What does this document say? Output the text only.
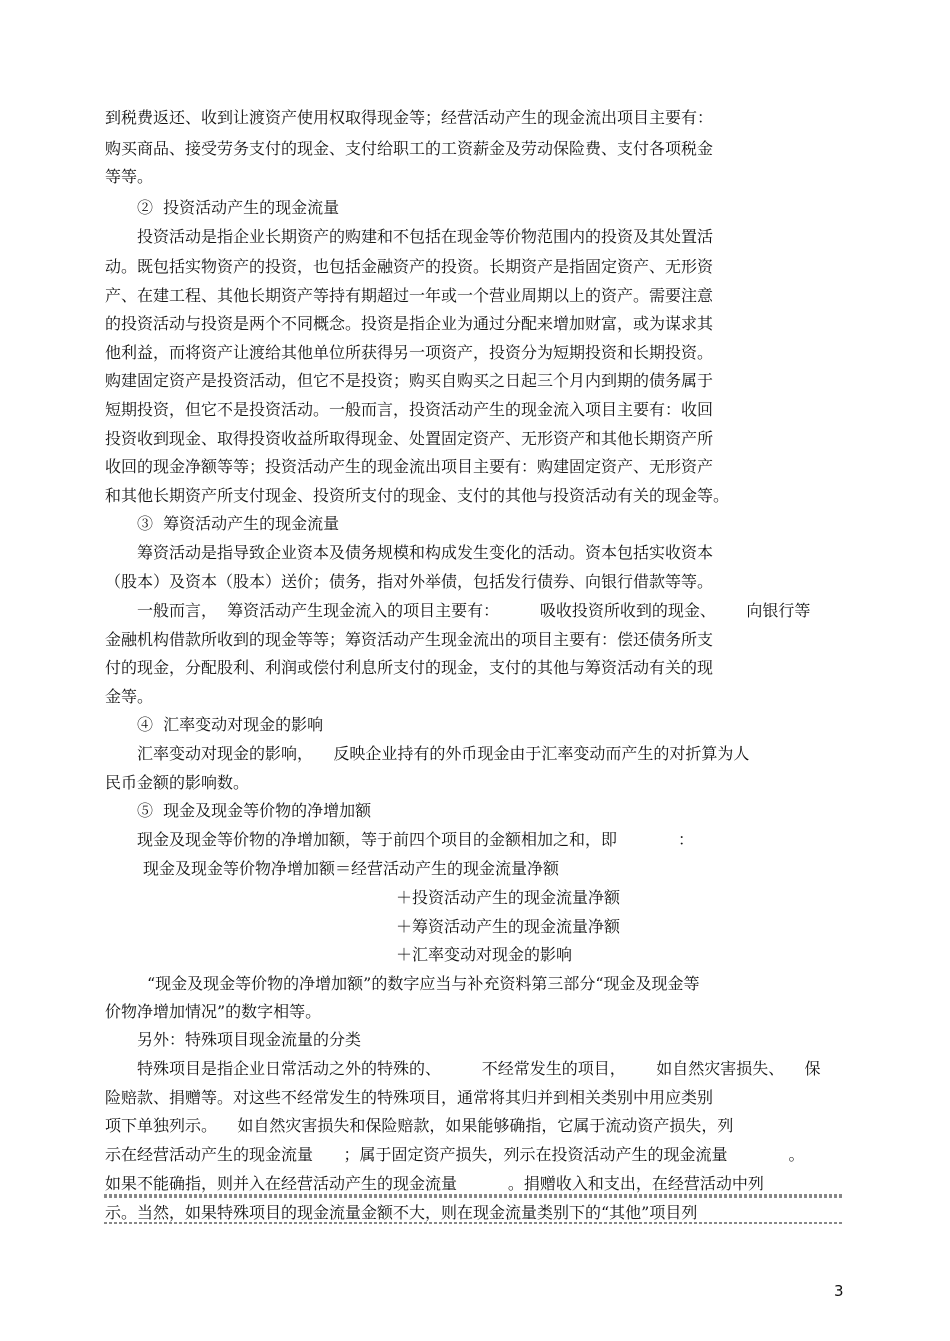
到税费返还、收到让渡资产使用权取得现金等；经营活动产生的现金流出项目主要有：
购买商品、接受劳务支付的现金、支付给职工的工资薪金及劳动保险费、支付各项税金
等等。
②  投资活动产生的现金流量
投资活动是指企业长期资产的购建和不包括在现金等价物范围内的投资及其处置活
动。既包括实物资产的投资，也包括金融资产的投资。长期资产是指固定资产、无形资
产、在建工程、其他长期资产等持有期超过一年或一个营业周期以上的资产。需要注意
的投资活动与投资是两个不同概念。投资是指企业为通过分配来增加财富，或为谋求其
他利益，而将资产让渡给其他单位所获得另一项资产，投资分为短期投资和长期投资。
购建固定资产是投资活动，但它不是投资；购买自购买之日起三个月内到期的债务属于
短期投资，但它不是投资活动。一般而言，投资活动产生的现金流入项目主要有：收回
投资收到现金、取得投资收益所取得现金、处置固定资产、无形资产和其他长期资产所
收回的现金净额等等；投资活动产生的现金流出项目主要有：购建固定资产、无形资产
和其他长期资产所支付现金、投资所支付的现金、支付的其他与投资活动有关的现金等。
③  筹资活动产生的现金流量
筹资活动是指导致企业资本及债务规模和构成发生变化的活动。资本包括实收资本
（股本）及资本（股本）送价；债务，指对外举债，包括发行债券、向银行借款等等。
一般而言，  筹资活动产生现金流入的项目主要有：        吸收投资所收到的现金、      向银行等
金融机构借款所收到的现金等等；筹资活动产生现金流出的项目主要有：偿还债务所支
付的现金，分配股利、利润或偿付利息所支付的现金，支付的其他与筹资活动有关的现
金等。
④  汇率变动对现金的影响
汇率变动对现金的影响，    反映企业持有的外币现金由于汇率变动而产生的对折算为人
民币金额的影响数。
⑤  现金及现金等价物的净增加额
现金及现金等价物的净增加额，等于前四个项目的金额相加之和，即            ：
现金及现金等价物净增加额＝经营活动产生的现金流量净额
＋投资活动产生的现金流量净额
＋筹资活动产生的现金流量净额
＋汇率变动对现金的影响
“现金及现金等价物的净增加额”的数字应当与补充资料第三部分“现金及现金等
价物净增加情况”的数字相等。
另外：特殊项目现金流量的分类
特殊项目是指企业日常活动之外的特殊的、        不经常发生的项目，      如自然灾害损失、    保
险赔款、捐赠等。对这些不经常发生的特殊项目，通常将其归并到相关类别中用应类别
项下单独列示。    如自然灾害损失和保险赔款，如果能够确指，它属于流动资产损失，列
示在经营活动产生的现金流量      ；属于固定资产损失，列示在投资活动产生的现金流量            。
如果不能确指，则并入在经营活动产生的现金流量          。捐赠收入和支出，在经营活动中列
示。当然，如果特殊项目的现金流量金额不大，则在现金流量类别下的“其他”项目列
3
